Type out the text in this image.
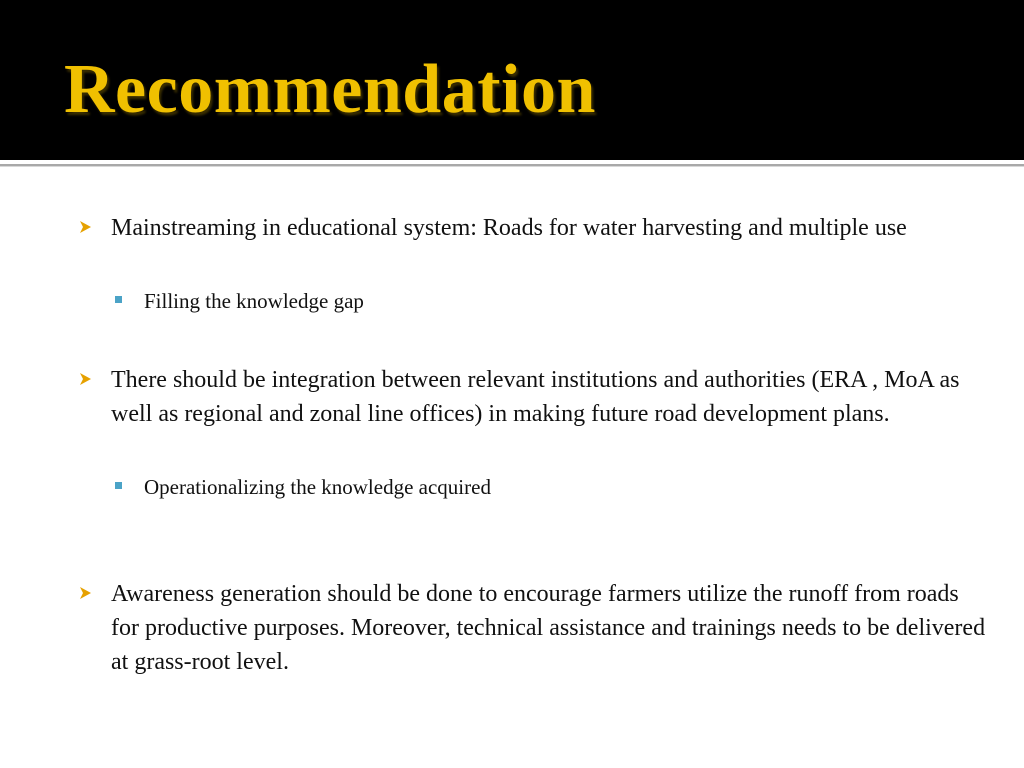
Recommendation
Mainstreaming in educational system: Roads for water harvesting and multiple use
Filling the knowledge gap
There should be integration between relevant institutions and authorities (ERA , MoA as well as regional and zonal line offices) in making future road development plans.
Operationalizing the knowledge acquired
Awareness generation should be done to encourage farmers utilize the runoff from roads for productive purposes. Moreover, technical assistance and trainings needs to be delivered at grass-root level.
